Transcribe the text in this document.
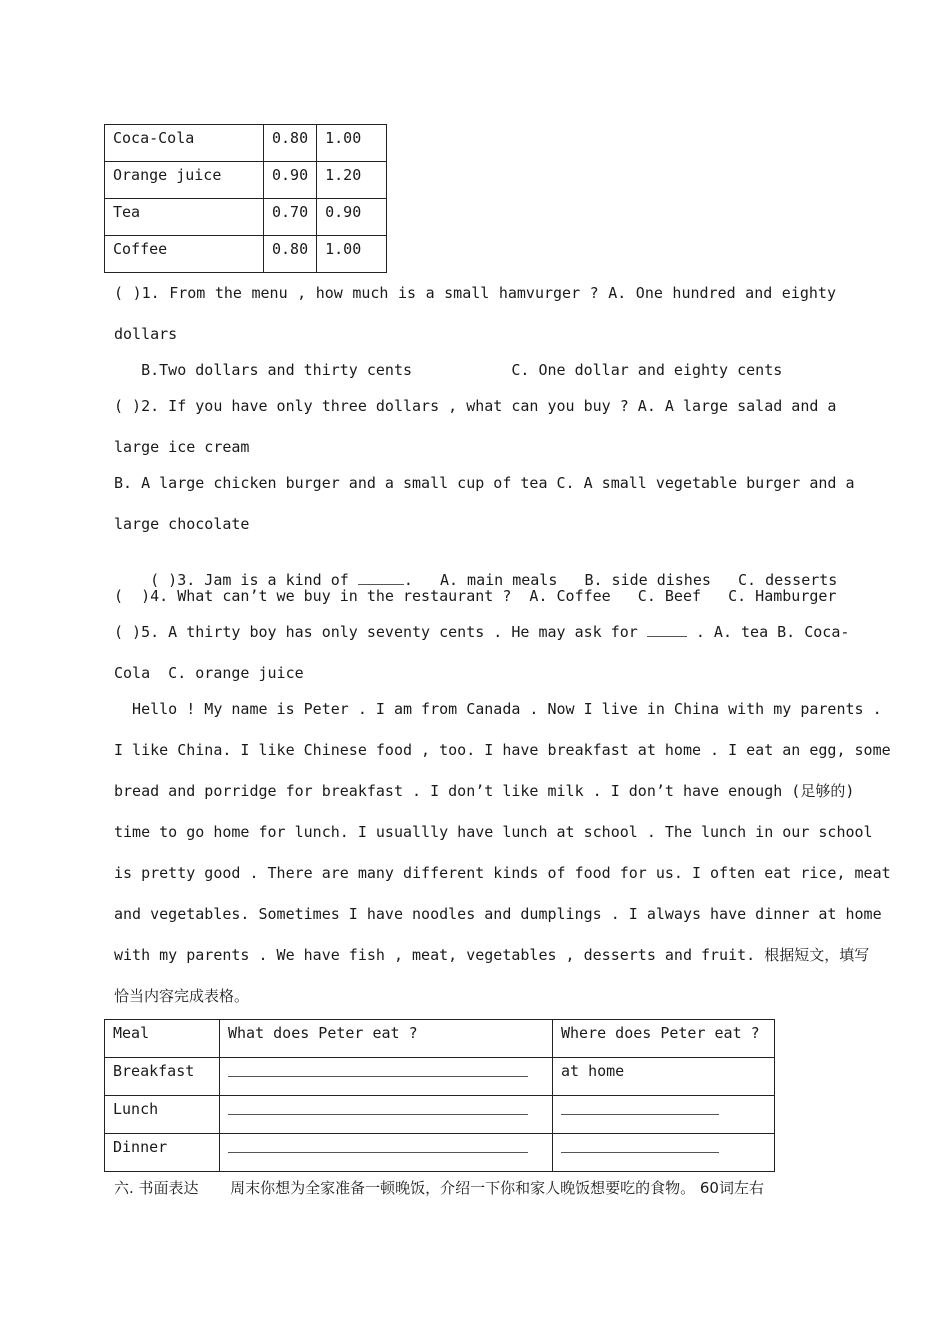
Coca-Cola	0.80	1.00
Orange juice	0.90	1.20
Tea	0.70	0.90
Coffee	0.80	1.00
( )1. From the menu , how much is a small hamvurger ? A. One hundred and eighty
dollars
B.Two dollars and thirty cents           C. One dollar and eighty cents
( )2. If you have only three dollars , what can you buy ? A. A large salad and a
large ice cream
B. A large chicken burger and a small cup of tea C. A small vegetable burger and a
large chocolate

( )3. Jam is a kind of	.   A. main meals   B. side dishes   C. desserts

(  )4. What can’t we buy in the restaurant ?  A. Coffee   C. Beef   C. Hamburger
( )5. A thirty boy has only seventy cents . He may ask for	. A. tea B. Coca-
Cola  C. orange juice
Hello ! My name is Peter . I am from Canada . Now I live in China with my parents .
I like China. I like Chinese food , too. I have breakfast at home . I eat an egg, some
bread and porridge for breakfast . I don’t like milk . I don’t have enough (足够的)
time to go home for lunch. I usuallly have lunch at school . The lunch in our school
is pretty good . There are many different kinds of food for us. I often eat rice, meat
and vegetables. Sometimes I have noodles and dumplings . I always have dinner at home
with my parents . We have fish , meat, vegetables , desserts and fruit. 根据短文，填写
恰当内容完成表格。
Meal	What does Peter eat ?	Where does Peter eat ?
Breakfast		at home
Lunch		
Dinner		
六. 书面表达 周末你想为全家准备一顿晚饭，介绍一下你和家人晚饭想要吃的食物。 60词左右
